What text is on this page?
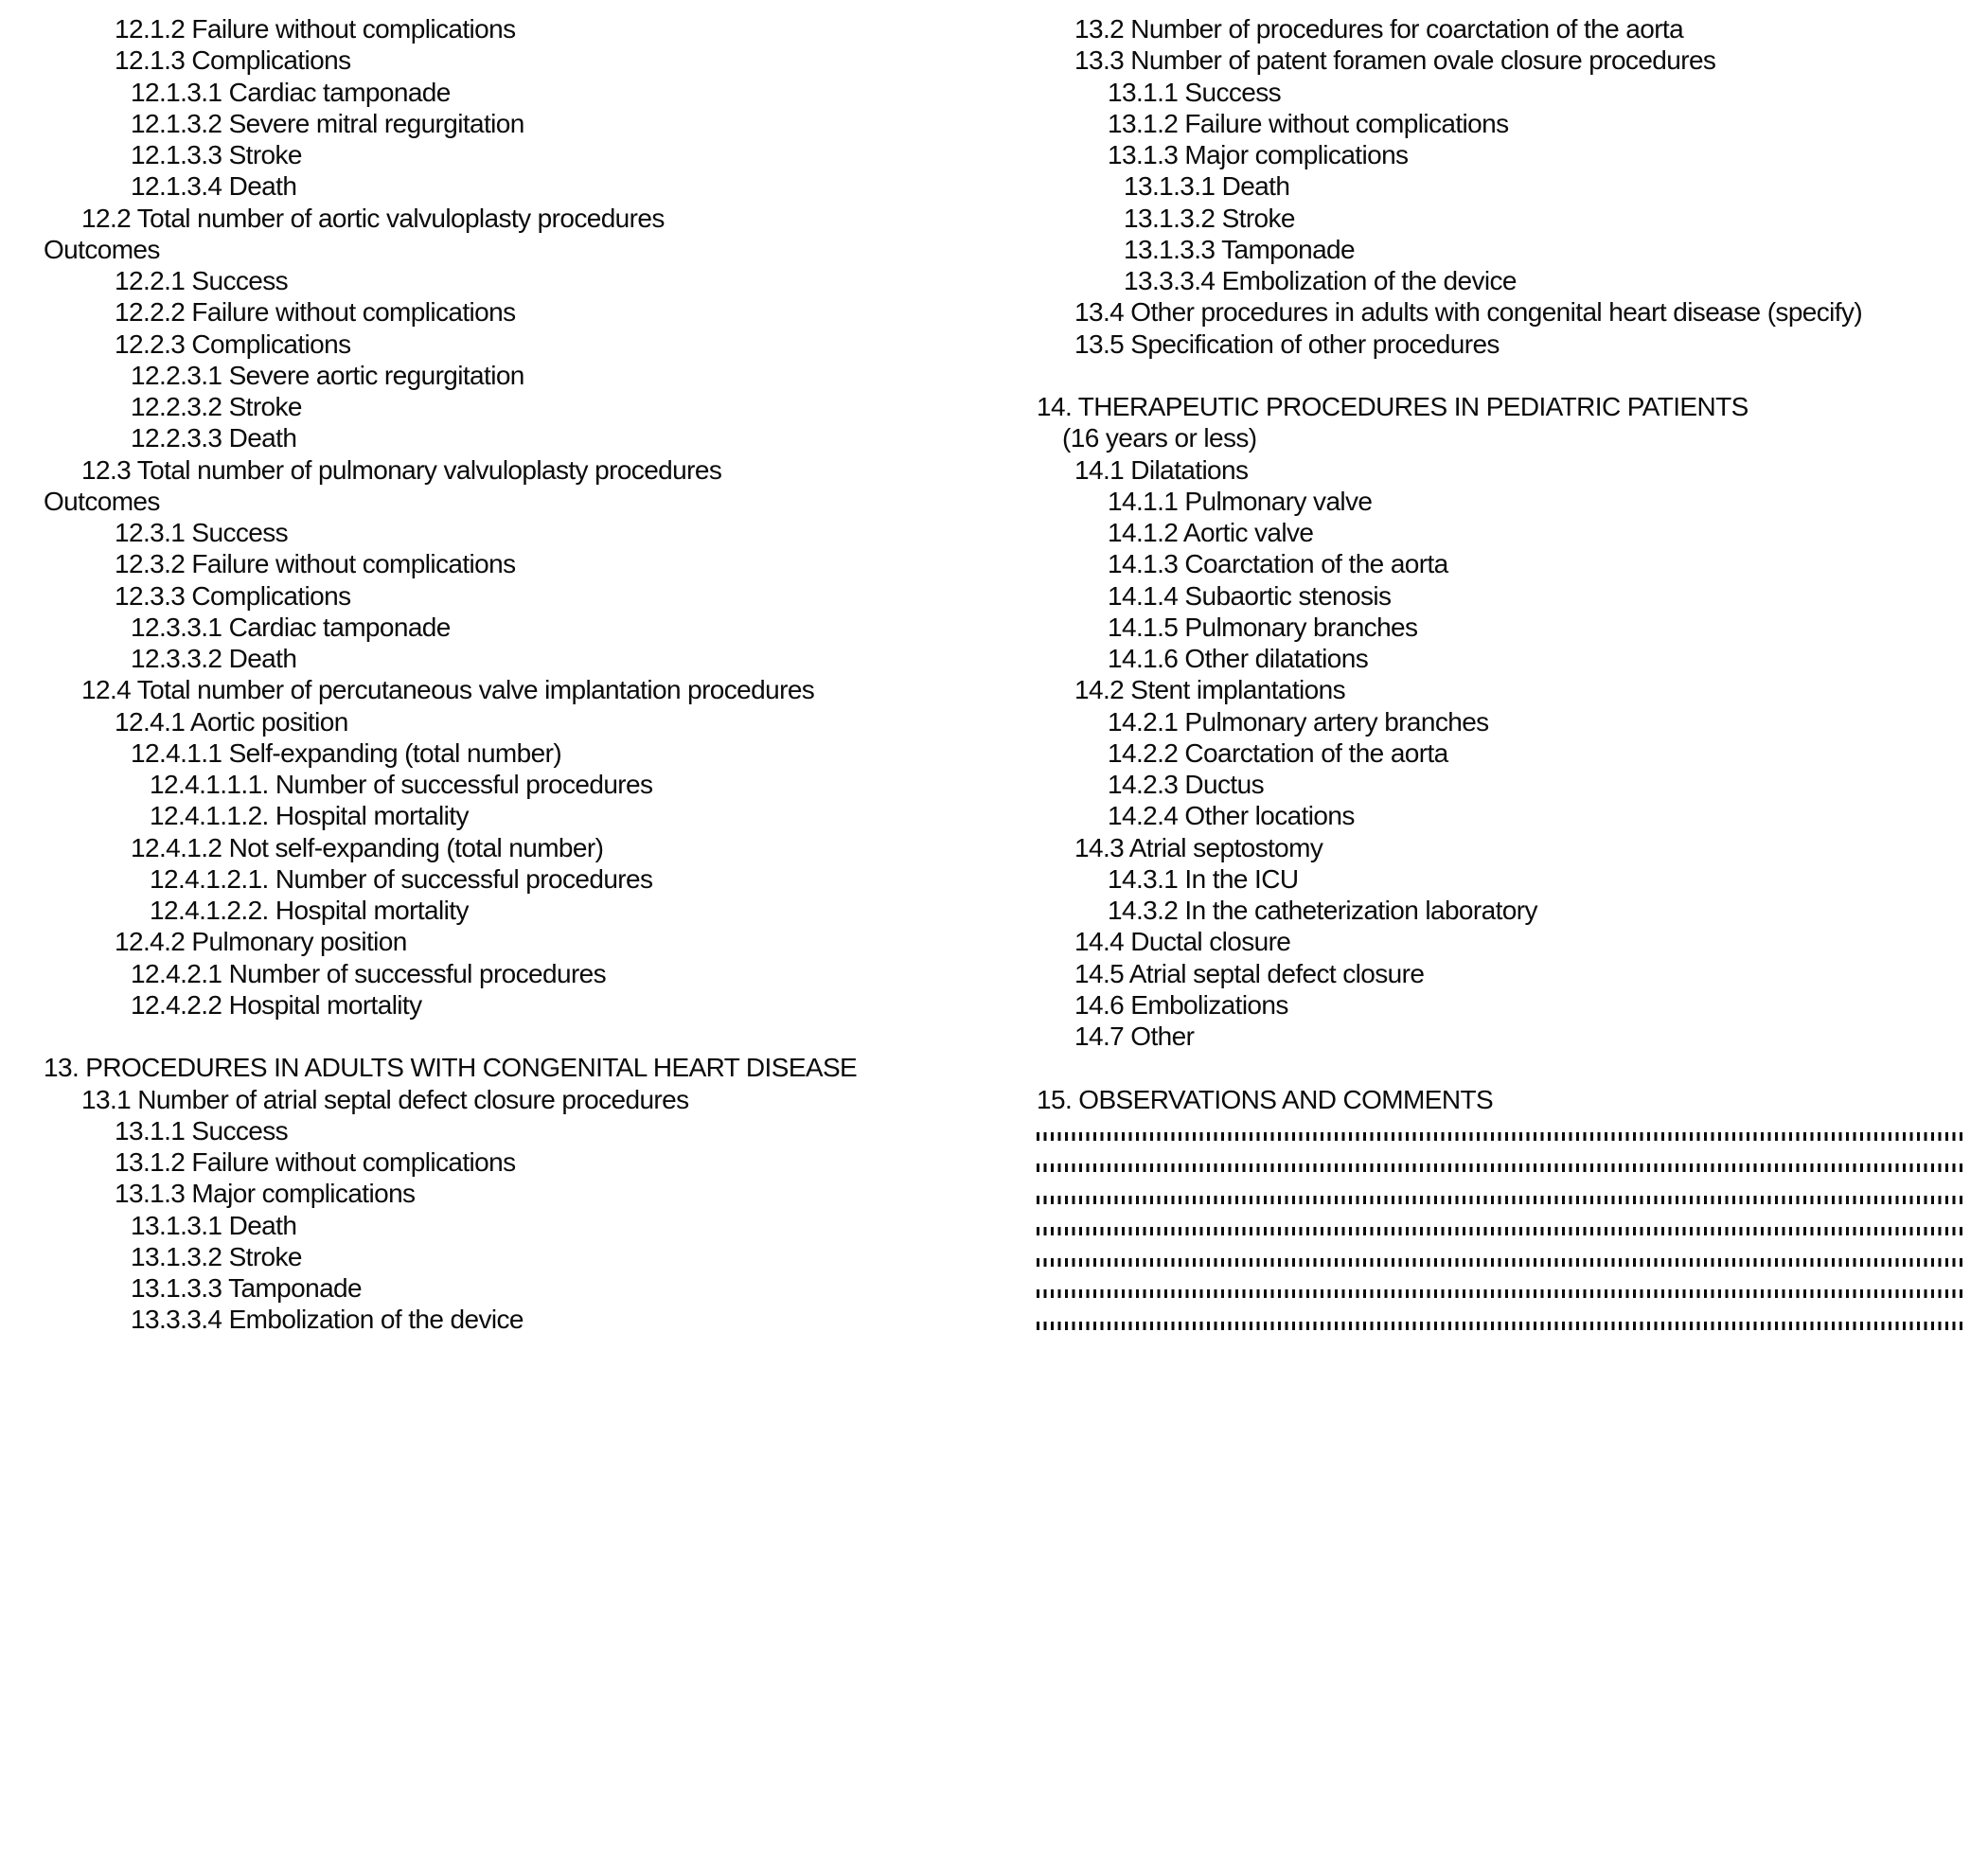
12.1.2 Failure without complications
12.1.3 Complications
12.1.3.1 Cardiac tamponade
12.1.3.2 Severe mitral regurgitation
12.1.3.3 Stroke
12.1.3.4 Death
12.2 Total number of aortic valvuloplasty procedures
Outcomes
12.2.1 Success
12.2.2 Failure without complications
12.2.3 Complications
12.2.3.1 Severe aortic regurgitation
12.2.3.2 Stroke
12.2.3.3 Death
12.3 Total number of pulmonary valvuloplasty procedures
Outcomes
12.3.1 Success
12.3.2 Failure without complications
12.3.3 Complications
12.3.3.1 Cardiac tamponade
12.3.3.2 Death
12.4 Total number of percutaneous valve implantation procedures
12.4.1 Aortic position
12.4.1.1 Self-expanding (total number)
12.4.1.1.1. Number of successful procedures
12.4.1.1.2. Hospital mortality
12.4.1.2 Not self-expanding (total number)
12.4.1.2.1. Number of successful procedures
12.4.1.2.2. Hospital mortality
12.4.2 Pulmonary position
12.4.2.1 Number of successful procedures
12.4.2.2 Hospital mortality
13. PROCEDURES IN ADULTS WITH CONGENITAL HEART DISEASE
13.1 Number of atrial septal defect closure procedures
13.1.1 Success
13.1.2 Failure without complications
13.1.3 Major complications
13.1.3.1 Death
13.1.3.2 Stroke
13.1.3.3 Tamponade
13.3.3.4 Embolization of the device
13.2 Number of procedures for coarctation of the aorta
13.3 Number of patent foramen ovale closure procedures
13.1.1 Success
13.1.2 Failure without complications
13.1.3 Major complications
13.1.3.1 Death
13.1.3.2 Stroke
13.1.3.3 Tamponade
13.3.3.4 Embolization of the device
13.4 Other procedures in adults with congenital heart disease (specify)
13.5 Specification of other procedures
14. THERAPEUTIC PROCEDURES IN PEDIATRIC PATIENTS
(16 years or less)
14.1 Dilatations
14.1.1 Pulmonary valve
14.1.2 Aortic valve
14.1.3 Coarctation of the aorta
14.1.4 Subaortic stenosis
14.1.5 Pulmonary branches
14.1.6 Other dilatations
14.2 Stent implantations
14.2.1 Pulmonary artery branches
14.2.2 Coarctation of the aorta
14.2.3 Ductus
14.2.4 Other locations
14.3 Atrial septostomy
14.3.1 In the ICU
14.3.2 In the catheterization laboratory
14.4 Ductal closure
14.5 Atrial septal defect closure
14.6 Embolizations
14.7 Other
15. OBSERVATIONS AND COMMENTS
